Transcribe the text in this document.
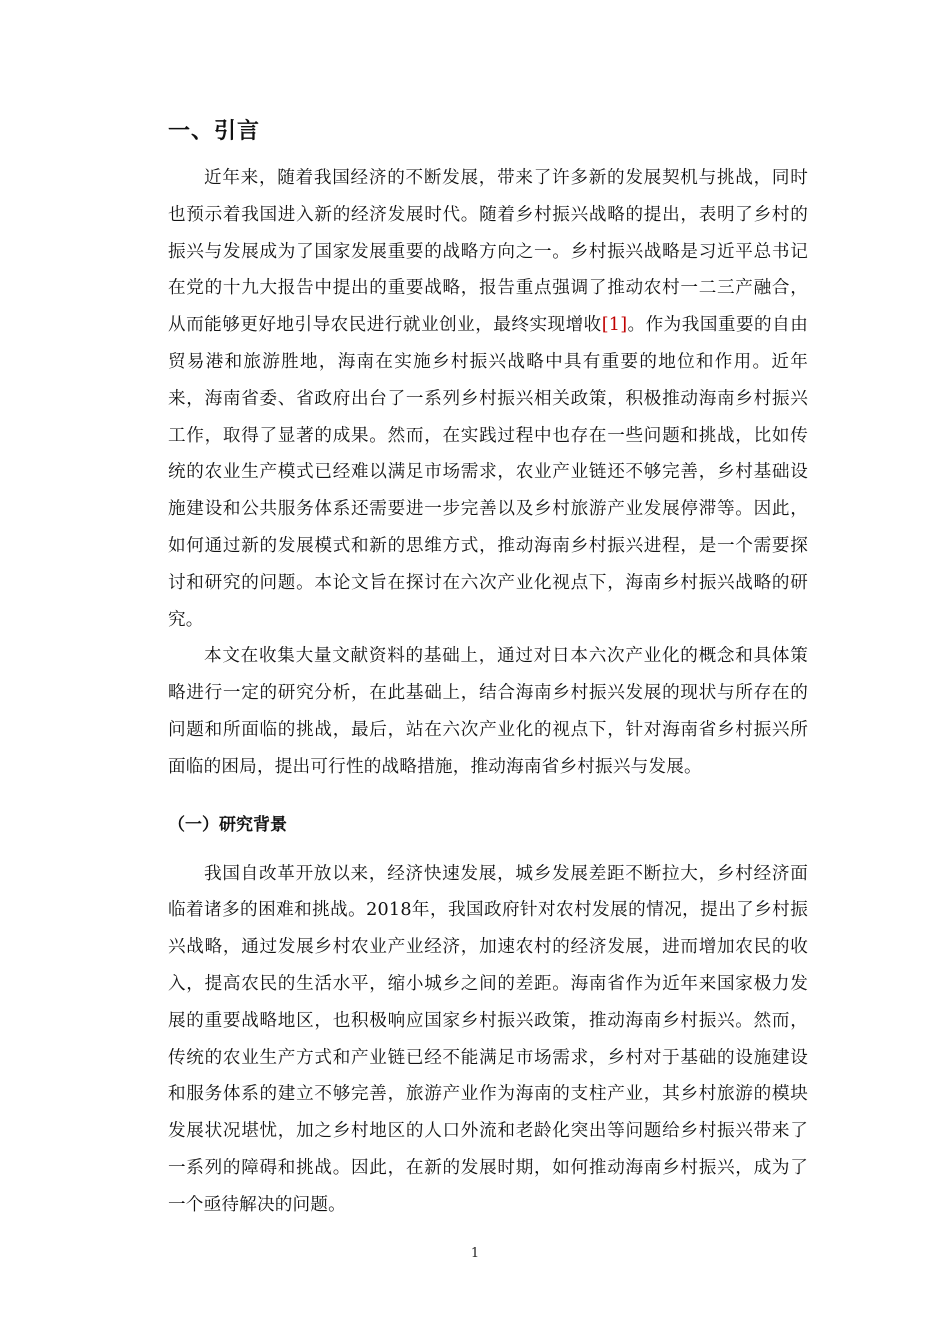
一、引言

近年来，随着我国经济的不断发展，带来了许多新的发展契机与挑战，同时也预示着我国进入新的经济发展时代。随着乡村振兴战略的提出，表明了乡村的振兴与发展成为了国家发展重要的战略方向之一。乡村振兴战略是习近平总书记在党的十九大报告中提出的重要战略，报告重点强调了推动农村一二三产融合，从而能够更好地引导农民进行就业创业，最终实现增收[1]。作为我国重要的自由贸易港和旅游胜地，海南在实施乡村振兴战略中具有重要的地位和作用。近年来，海南省委、省政府出台了一系列乡村振兴相关政策，积极推动海南乡村振兴工作，取得了显著的成果。然而，在实践过程中也存在一些问题和挑战，比如传统的农业生产模式已经难以满足市场需求，农业产业链还不够完善，乡村基础设施建设和公共服务体系还需要进一步完善以及乡村旅游产业发展停滞等。因此，如何通过新的发展模式和新的思维方式，推动海南乡村振兴进程，是一个需要探讨和研究的问题。本论文旨在探讨在六次产业化视点下，海南乡村振兴战略的研究。

本文在收集大量文献资料的基础上，通过对日本六次产业化的概念和具体策略进行一定的研究分析，在此基础上，结合海南乡村振兴发展的现状与所存在的问题和所面临的挑战，最后，站在六次产业化的视点下，针对海南省乡村振兴所面临的困局，提出可行性的战略措施，推动海南省乡村振兴与发展。

（一）研究背景

我国自改革开放以来，经济快速发展，城乡发展差距不断拉大，乡村经济面临着诸多的困难和挑战。2018年，我国政府针对农村发展的情况，提出了乡村振兴战略，通过发展乡村农业产业经济，加速农村的经济发展，进而增加农民的收入，提高农民的生活水平，缩小城乡之间的差距。海南省作为近年来国家极力发展的重要战略地区，也积极响应国家乡村振兴政策，推动海南乡村振兴。然而，传统的农业生产方式和产业链已经不能满足市场需求，乡村对于基础的设施建设和服务体系的建立不够完善，旅游产业作为海南的支柱产业，其乡村旅游的模块发展状况堪忧，加之乡村地区的人口外流和老龄化突出等问题给乡村振兴带来了一系列的障碍和挑战。因此，在新的发展时期，如何推动海南乡村振兴，成为了一个亟待解决的问题。

1
